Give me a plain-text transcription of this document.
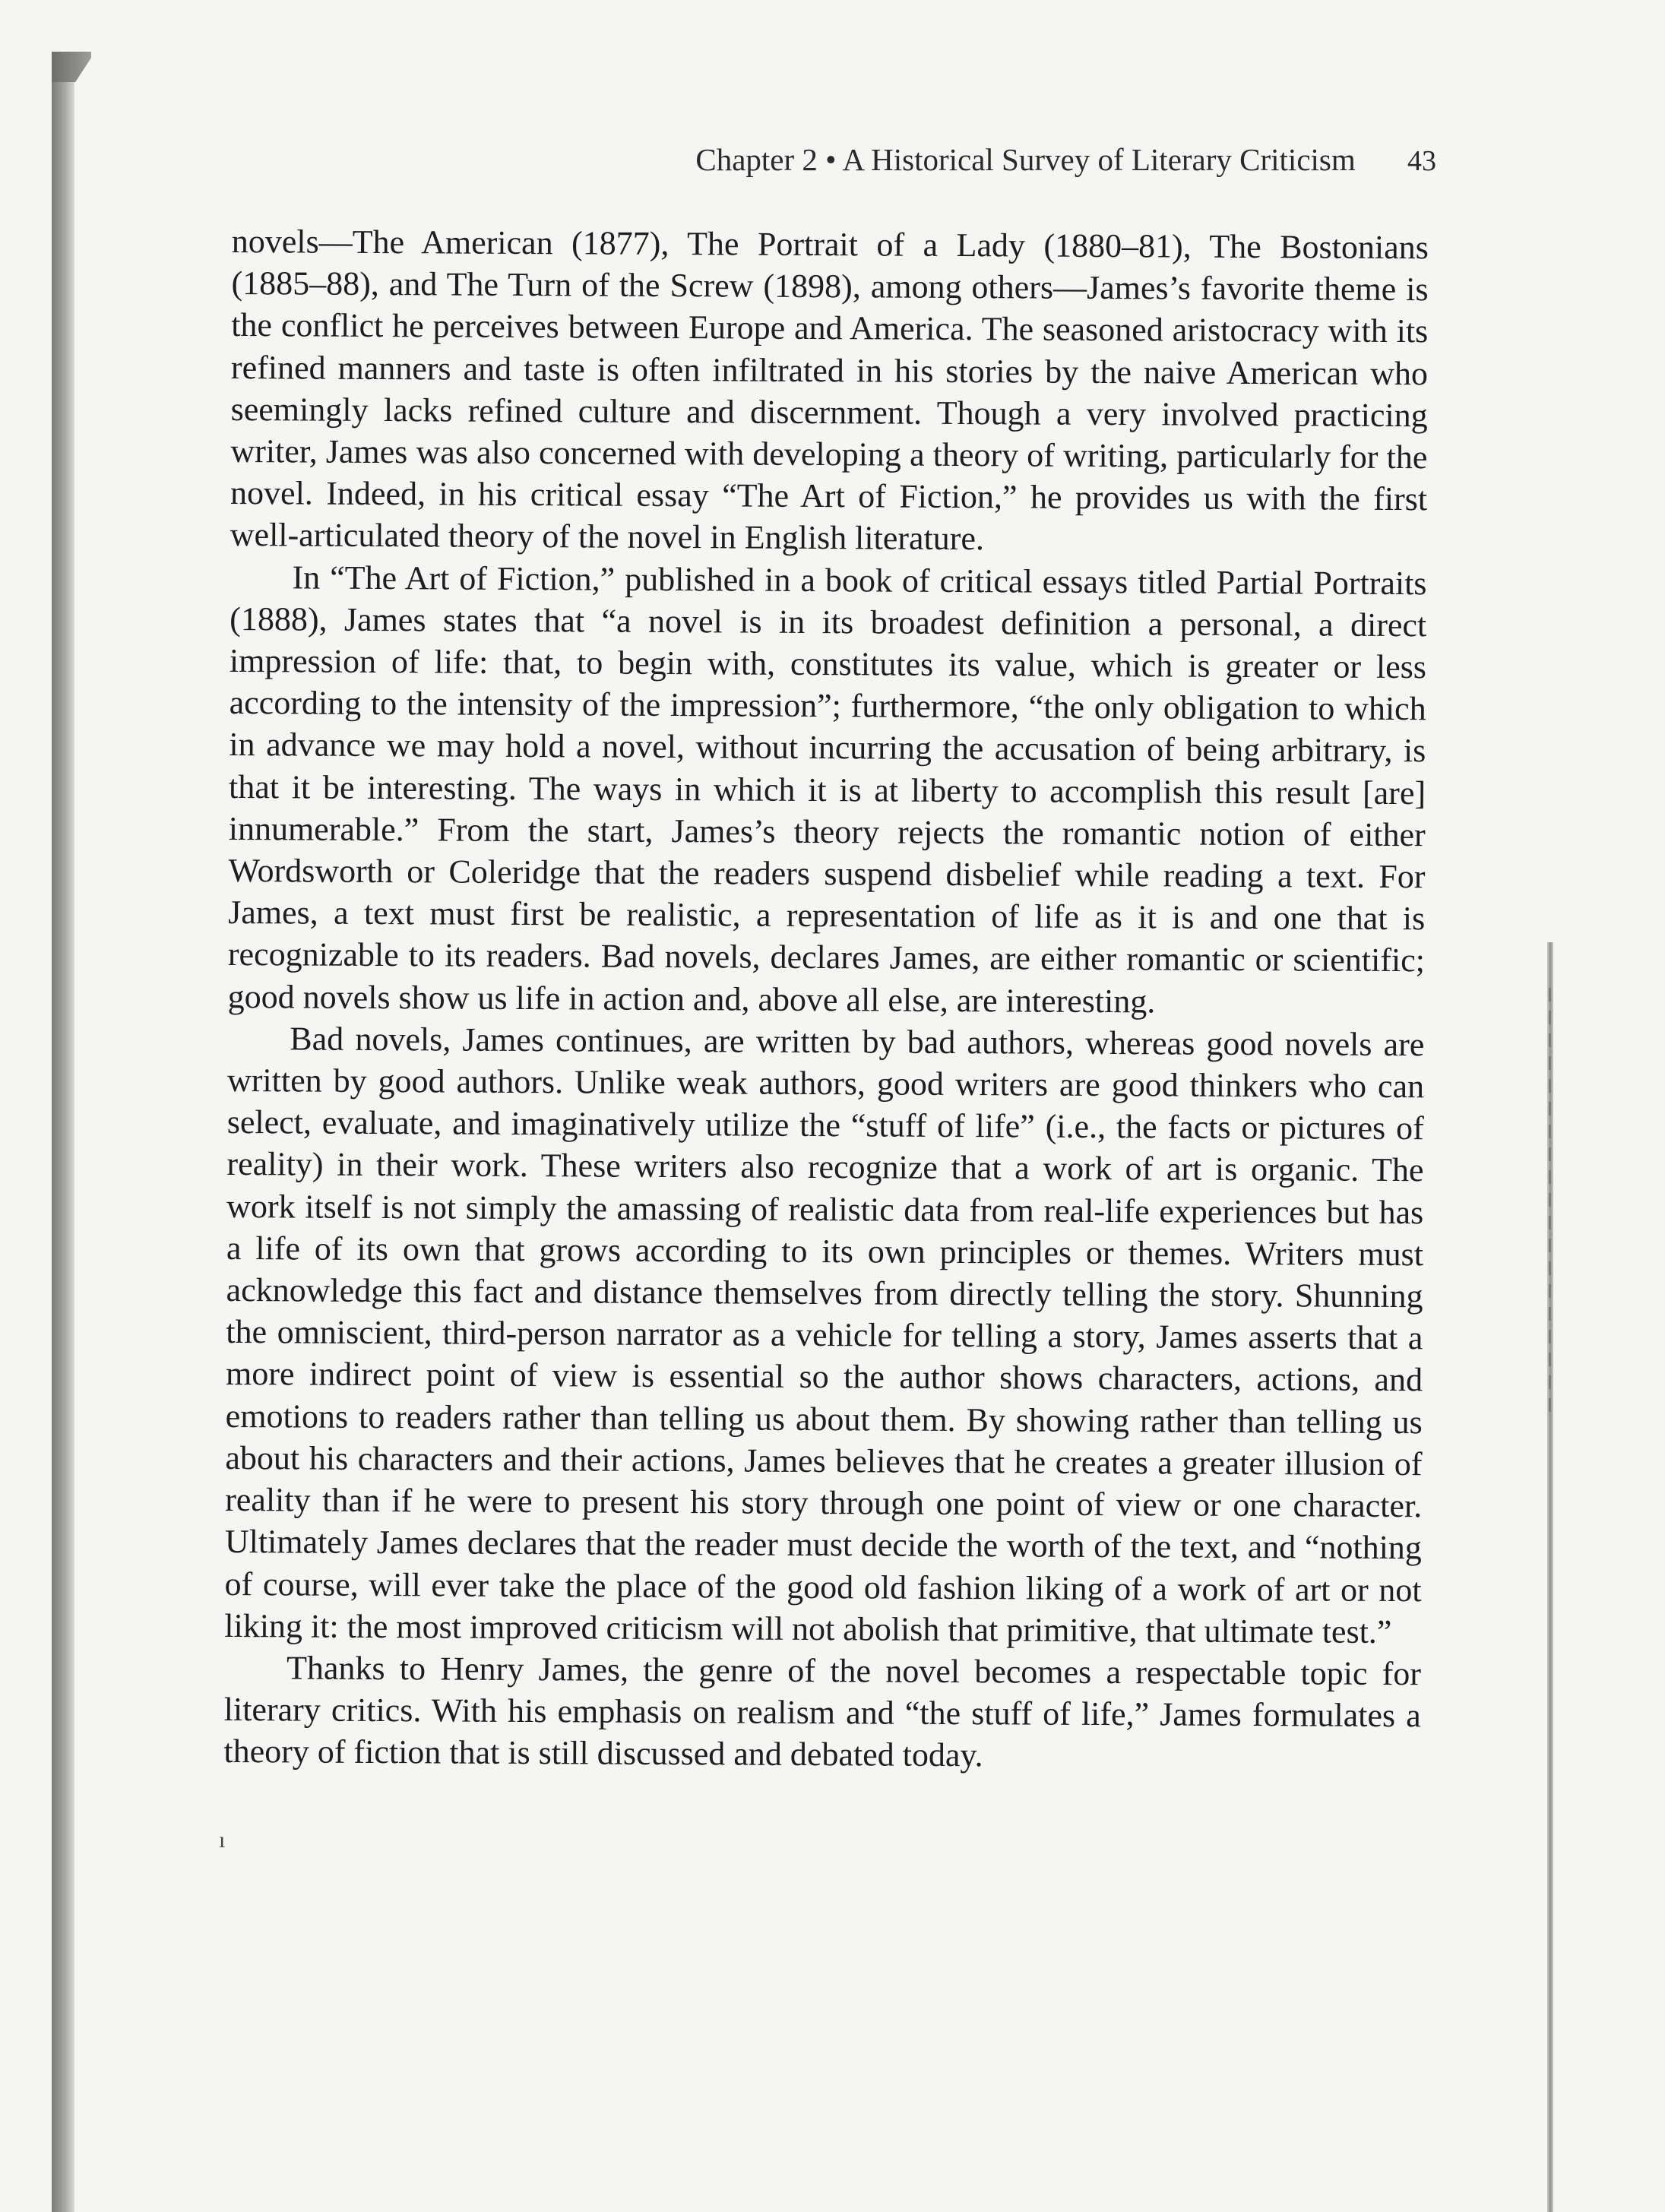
Chapter 2 • A Historical Survey of Literary Criticism 43

novels—The American (1877), The Portrait of a Lady (1880–81), The Bostonians (1885–88), and The Turn of the Screw (1898), among others—James’s favorite theme is the conflict he perceives between Europe and America. The seasoned aristocracy with its refined manners and taste is often infiltrated in his stories by the naive American who seemingly lacks refined culture and discernment. Though a very involved practicing writer, James was also concerned with developing a theory of writing, particularly for the novel. Indeed, in his critical essay “The Art of Fiction,” he provides us with the first well-articulated theory of the novel in English literature.

In “The Art of Fiction,” published in a book of critical essays titled Partial Portraits (1888), James states that “a novel is in its broadest definition a personal, a direct impression of life: that, to begin with, constitutes its value, which is greater or less according to the intensity of the impression”; furthermore, “the only obligation to which in advance we may hold a novel, without incurring the accusation of being arbitrary, is that it be interesting. The ways in which it is at liberty to accomplish this result [are] innumerable.” From the start, James’s theory rejects the romantic notion of either Wordsworth or Coleridge that the readers suspend disbelief while reading a text. For James, a text must first be realistic, a representation of life as it is and one that is recognizable to its readers. Bad novels, declares James, are either romantic or scientific; good novels show us life in action and, above all else, are interesting.

Bad novels, James continues, are written by bad authors, whereas good novels are written by good authors. Unlike weak authors, good writers are good thinkers who can select, evaluate, and imaginatively utilize the “stuff of life” (i.e., the facts or pictures of reality) in their work. These writers also recognize that a work of art is organic. The work itself is not simply the amassing of realistic data from real-life experiences but has a life of its own that grows according to its own principles or themes. Writers must acknowledge this fact and distance themselves from directly telling the story. Shunning the omniscient, third-person narrator as a vehicle for telling a story, James asserts that a more indirect point of view is essential so the author shows characters, actions, and emotions to readers rather than telling us about them. By showing rather than telling us about his characters and their actions, James believes that he creates a greater illusion of reality than if he were to present his story through one point of view or one character. Ultimately James declares that the reader must decide the worth of the text, and “nothing of course, will ever take the place of the good old fashion liking of a work of art or not liking it: the most improved criticism will not abolish that primitive, that ultimate test.”

Thanks to Henry James, the genre of the novel becomes a respectable topic for literary critics. With his emphasis on realism and “the stuff of life,” James formulates a theory of fiction that is still discussed and debated today.

ı
